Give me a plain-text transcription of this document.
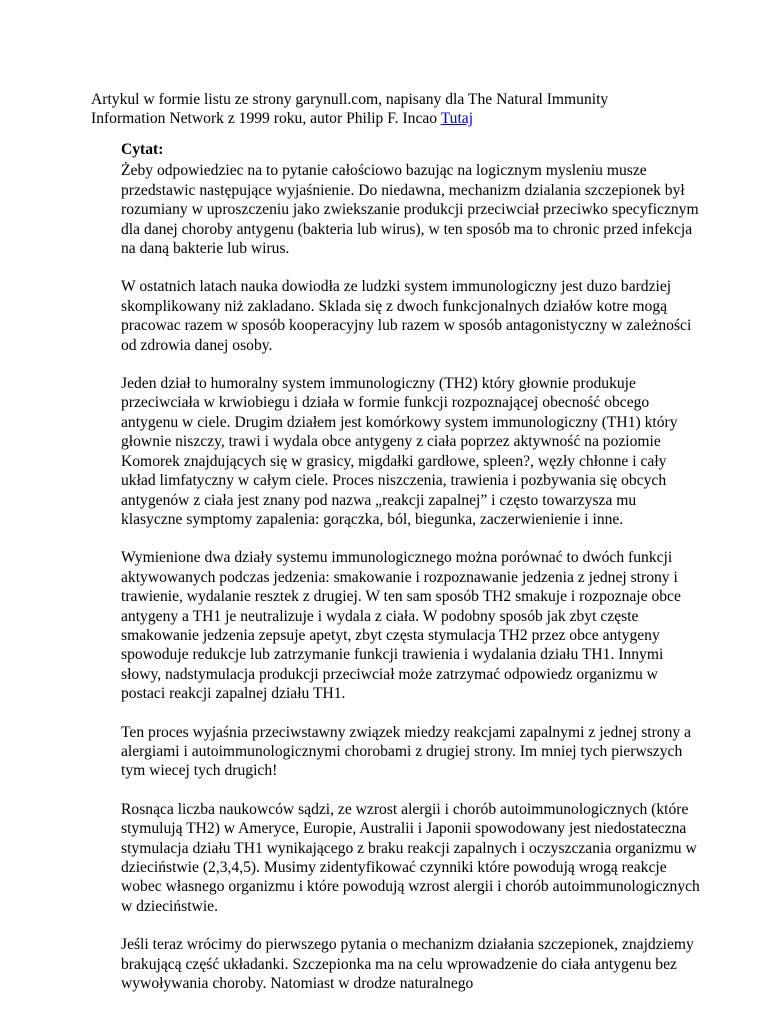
Artykul w formie listu ze strony garynull.com, napisany dla The Natural Immunity Information Network z 1999 roku, autor Philip F. Incao Tutaj

Cytat:

Żeby odpowiedziec na to pytanie całościowo bazując na logicznym mysleniu musze przedstawic następujące wyjaśnienie. Do niedawna, mechanizm dzialania szczepionek był rozumiany w uproszczeniu jako zwiekszanie produkcji przeciwciał przeciwko specyficznym dla danej choroby antygenu (bakteria lub wirus), w ten sposób ma to chronic przed infekcja na daną bakterie lub wirus.

W ostatnich latach nauka dowiodła ze ludzki system immunologiczny jest duzo bardziej skomplikowany niż zakladano. Sklada się z dwoch funkcjonalnych działów kotre mogą pracowac razem w sposób kooperacyjny lub razem w sposób antagonistyczny w zależności od zdrowia danej osoby.

Jeden dział to humoralny system immunologiczny (TH2) który głownie produkuje przeciwciała w krwiobiegu i działa w formie funkcji rozpoznającej obecność obcego antygenu w ciele. Drugim działem jest komórkowy system immunologiczny (TH1) który głownie niszczy, trawi i wydala obce antygeny z ciała poprzez aktywność na poziomie Komorek znajdujących się w grasicy, migdałki gardłowe, spleen?, węzły chłonne i cały układ limfatyczny w całym ciele. Proces niszczenia, trawienia i pozbywania się obcych antygenów z ciała jest znany pod nazwa „reakcji zapalnej” i często towarzysza mu klasyczne symptomy zapalenia: gorączka, ból, biegunka, zaczerwienienie i inne.

Wymienione dwa działy systemu immunologicznego można porównać to dwóch funkcji aktywowanych podczas jedzenia: smakowanie i rozpoznawanie jedzenia z jednej strony i trawienie, wydalanie resztek z drugiej. W ten sam sposób TH2 smakuje i rozpoznaje obce antygeny a TH1 je neutralizuje i wydala z ciała. W podobny sposób jak zbyt częste smakowanie jedzenia zepsuje apetyt, zbyt częsta stymulacja TH2 przez obce antygeny spowoduje redukcje lub zatrzymanie funkcji trawienia i wydalania działu TH1. Innymi słowy, nadstymulacja produkcji przeciwciał może zatrzymać odpowiedz organizmu w postaci reakcji zapalnej działu TH1.

Ten proces wyjaśnia przeciwstawny związek miedzy reakcjami zapalnymi z jednej strony a alergiami i autoimmunologicznymi chorobami z drugiej strony. Im mniej tych pierwszych tym wiecej tych drugich!

Rosnąca liczba naukowców sądzi, ze wzrost alergii i chorób autoimmunologicznych (które stymulują TH2) w Ameryce, Europie, Australii i Japonii spowodowany jest niedostateczna stymulacja działu TH1 wynikającego z braku reakcji zapalnych i oczyszczania organizmu w dzieciństwie (2,3,4,5). Musimy zidentyfikować czynniki które powodują wrogą reakcje wobec własnego organizmu i które powodują wzrost alergii i chorób autoimmunologicznych w dzieciństwie.

Jeśli teraz wrócimy do pierwszego pytania o mechanizm działania szczepionek, znajdziemy brakującą część układanki. Szczepionka ma na celu wprowadzenie do ciała antygenu bez wywoływania choroby. Natomiast w drodze naturalnego
